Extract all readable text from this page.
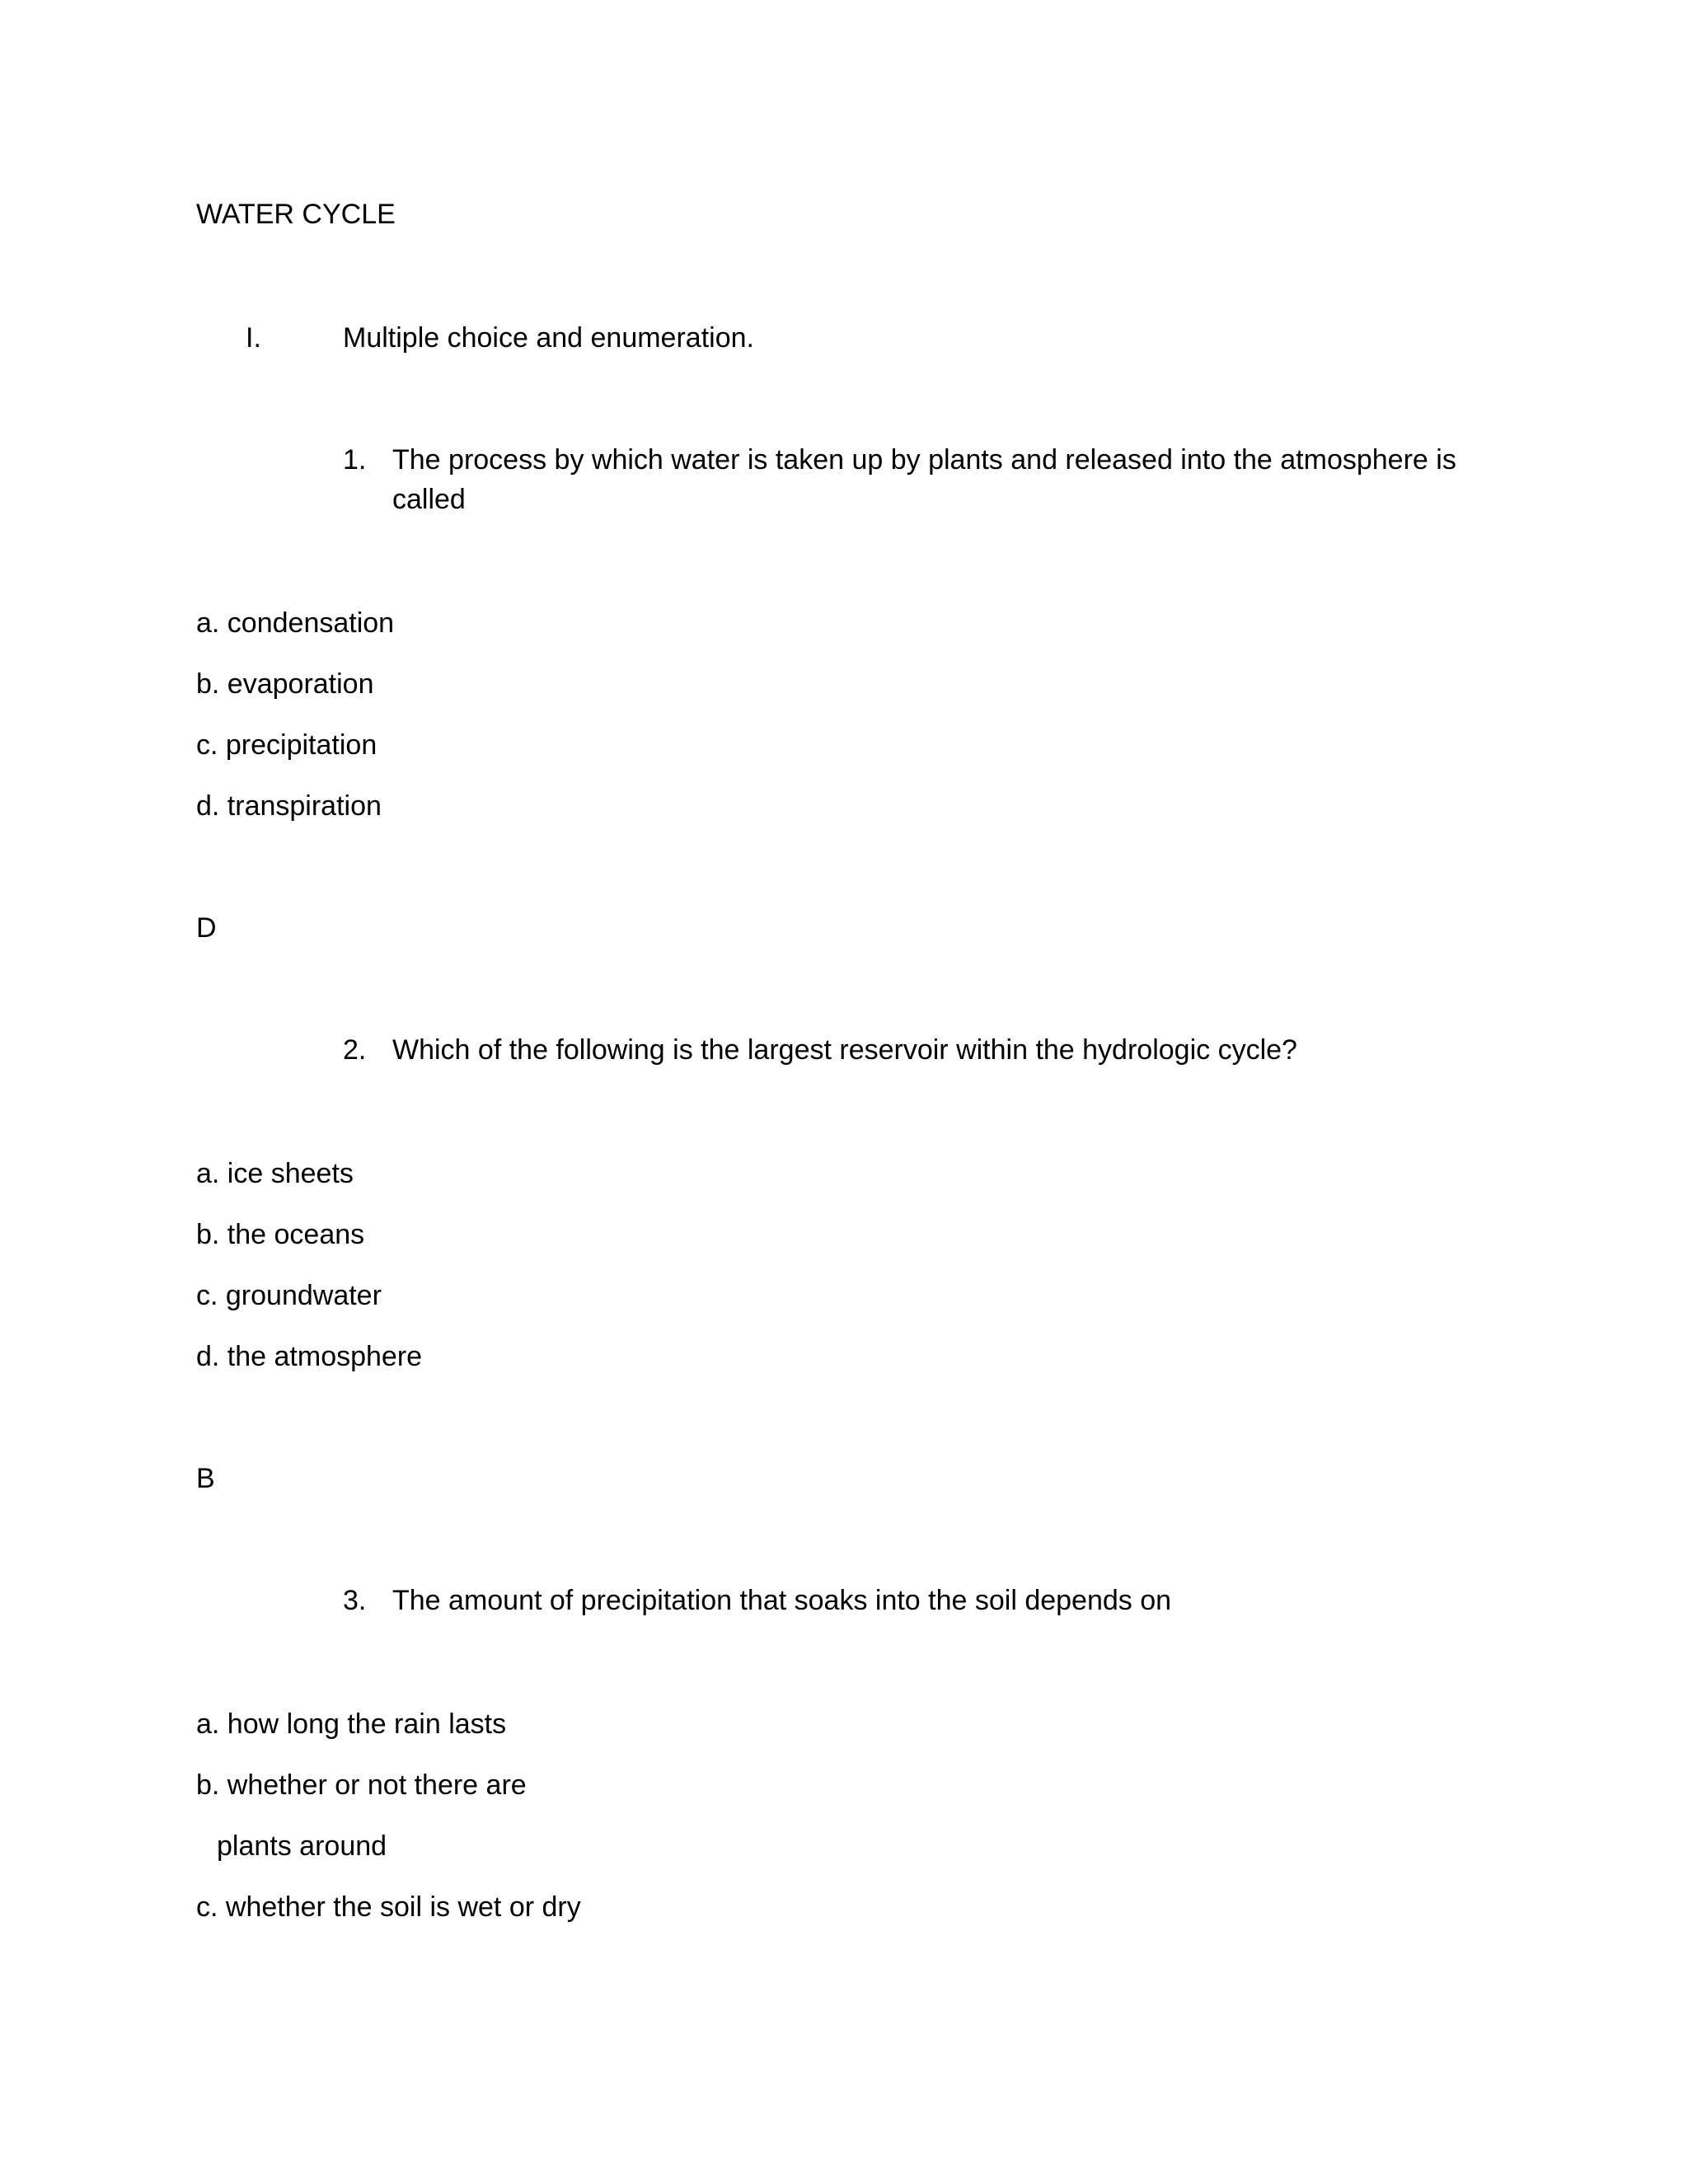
WATER CYCLE
I.	Multiple choice and enumeration.
1. The process by which water is taken up by plants and released into the atmosphere is
called
a. condensation
b. evaporation
c. precipitation
d. transpiration
D
2. Which of the following is the largest reservoir within the hydrologic cycle?
a. ice sheets
b. the oceans
c. groundwater
d. the atmosphere
B
3. The amount of precipitation that soaks into the soil depends on
a. how long the rain lasts
b. whether or not there are
plants around
c. whether the soil is wet or dry
